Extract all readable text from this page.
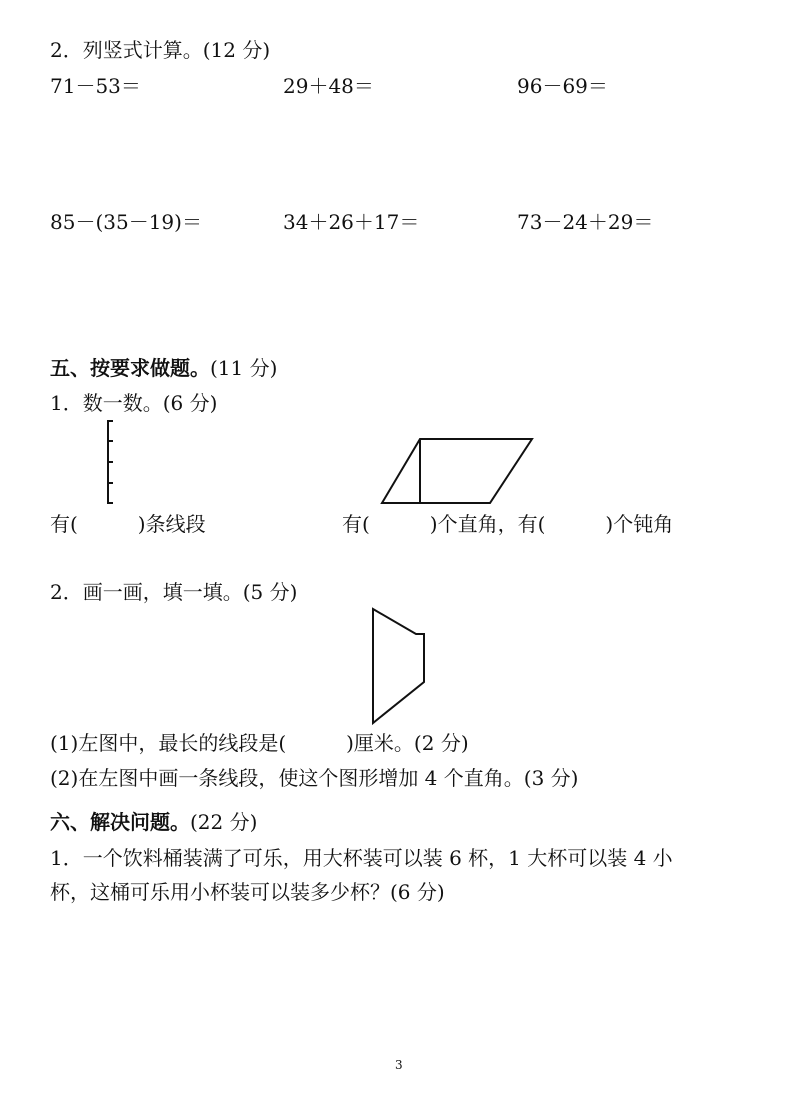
2．列竖式计算。(12 分)
71－53＝	29＋48＝	96－69＝
85－(35－19)＝	34＋26＋17＝	73－24＋29＝
五、按要求做题。(11 分)
1．数一数。(6 分)
有(　　　)条线段	有(　　　)个直角，有(　　　)个钝角
2．画一画，填一填。(5 分)
(1)左图中，最长的线段是(　　　)厘米。(2 分)
(2)在左图中画一条线段，使这个图形增加 4 个直角。(3 分)
六、解决问题。(22 分)
1．一个饮料桶装满了可乐，用大杯装可以装 6 杯，1 大杯可以装 4 小
杯，这桶可乐用小杯装可以装多少杯？(6 分)
3
